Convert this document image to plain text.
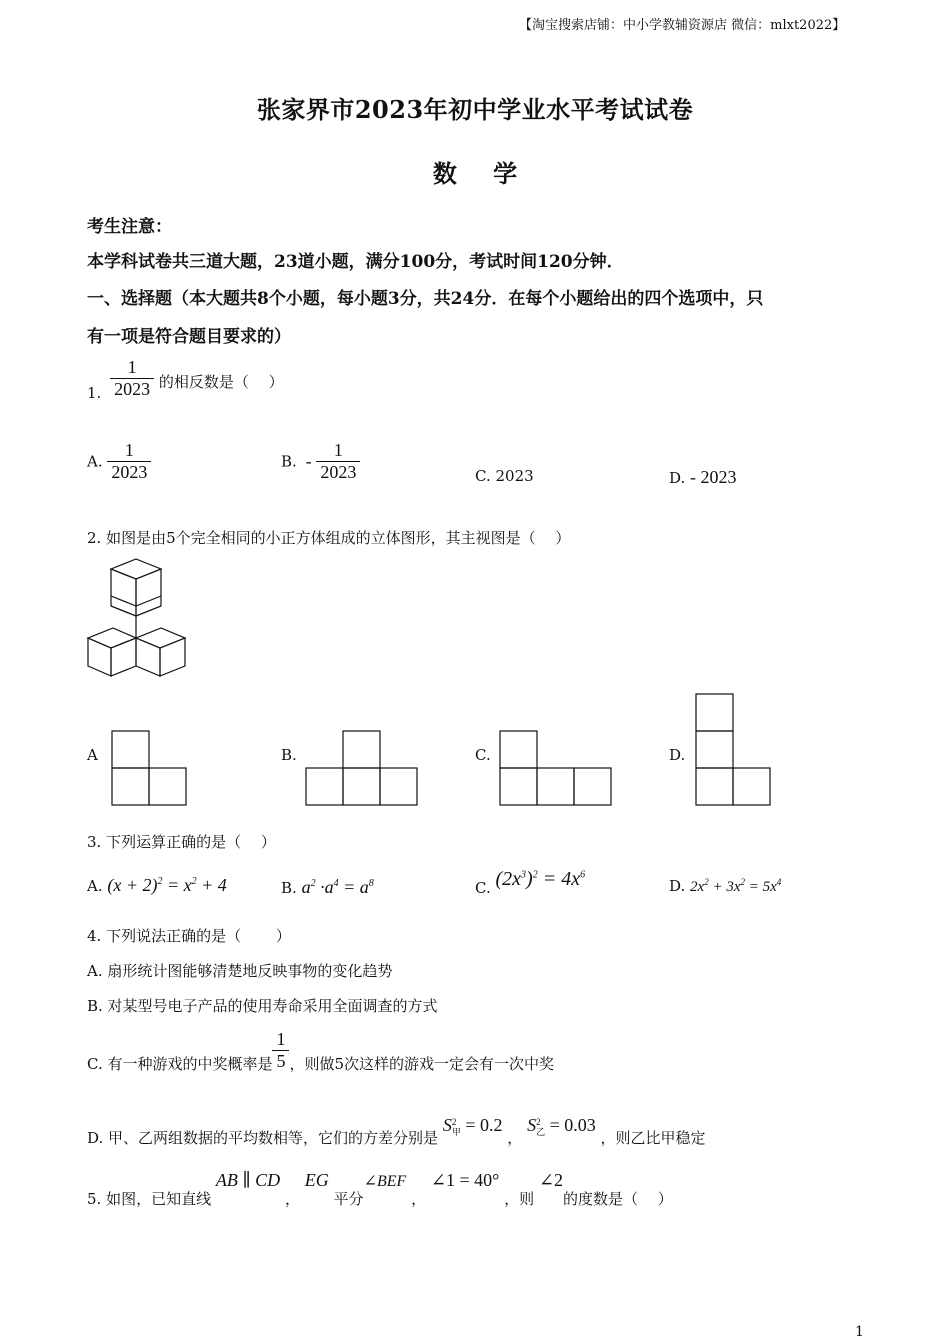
【淘宝搜索店铺：中小学教辅资源店 微信：mlxt2022】
张家界市2023年初中学业水平考试试卷
数 学
考生注意：
本学科试卷共三道大题，23道小题，满分100分，考试时间120分钟．
一、选择题（本大题共8个小题，每小题3分，共24分．在每个小题给出的四个选项中，只
有一项是符合题目要求的）
1. $\frac{1}{2023}$ 的相反数是（　 ）
A. $\frac{1}{2023}$	B. - $\frac{1}{2023}$	C. 2023	D. - 2023
2. 如图是由5个完全相同的小正方体组成的立体图形，其主视图是（　 ）
A	B.	C.	D.
3. 下列运算正确的是（　 ）
A. $(x + 2)^2 = x^2 + 4$	B. $a^2 \cdot a^4 = a^8$	C. $(2x^3)^2 = 4x^6$
D. $2x^2 + 3x^2 = 5x^4$
4. 下列说法正确的是（　　 ）
A. 扇形统计图能够清楚地反映事物的变化趋势
B. 对某型号电子产品的使用寿命采用全面调查的方式
C. 有一种游戏的中奖概率是 $\frac{1}{5}$ ，则做5次这样的游戏一定会有一次中奖
D. 甲、乙两组数据的平均数相等，它们的方差分别是 S 2
甲 = 0.2 ， S 2
乙 = 0.03 ，则乙比甲稳定
5. 如图，已知直线 AB ∥ CD ， EG 平分∠BEF ， ∠1 = 40° ，则 ∠2的度数是（　 ）
1
